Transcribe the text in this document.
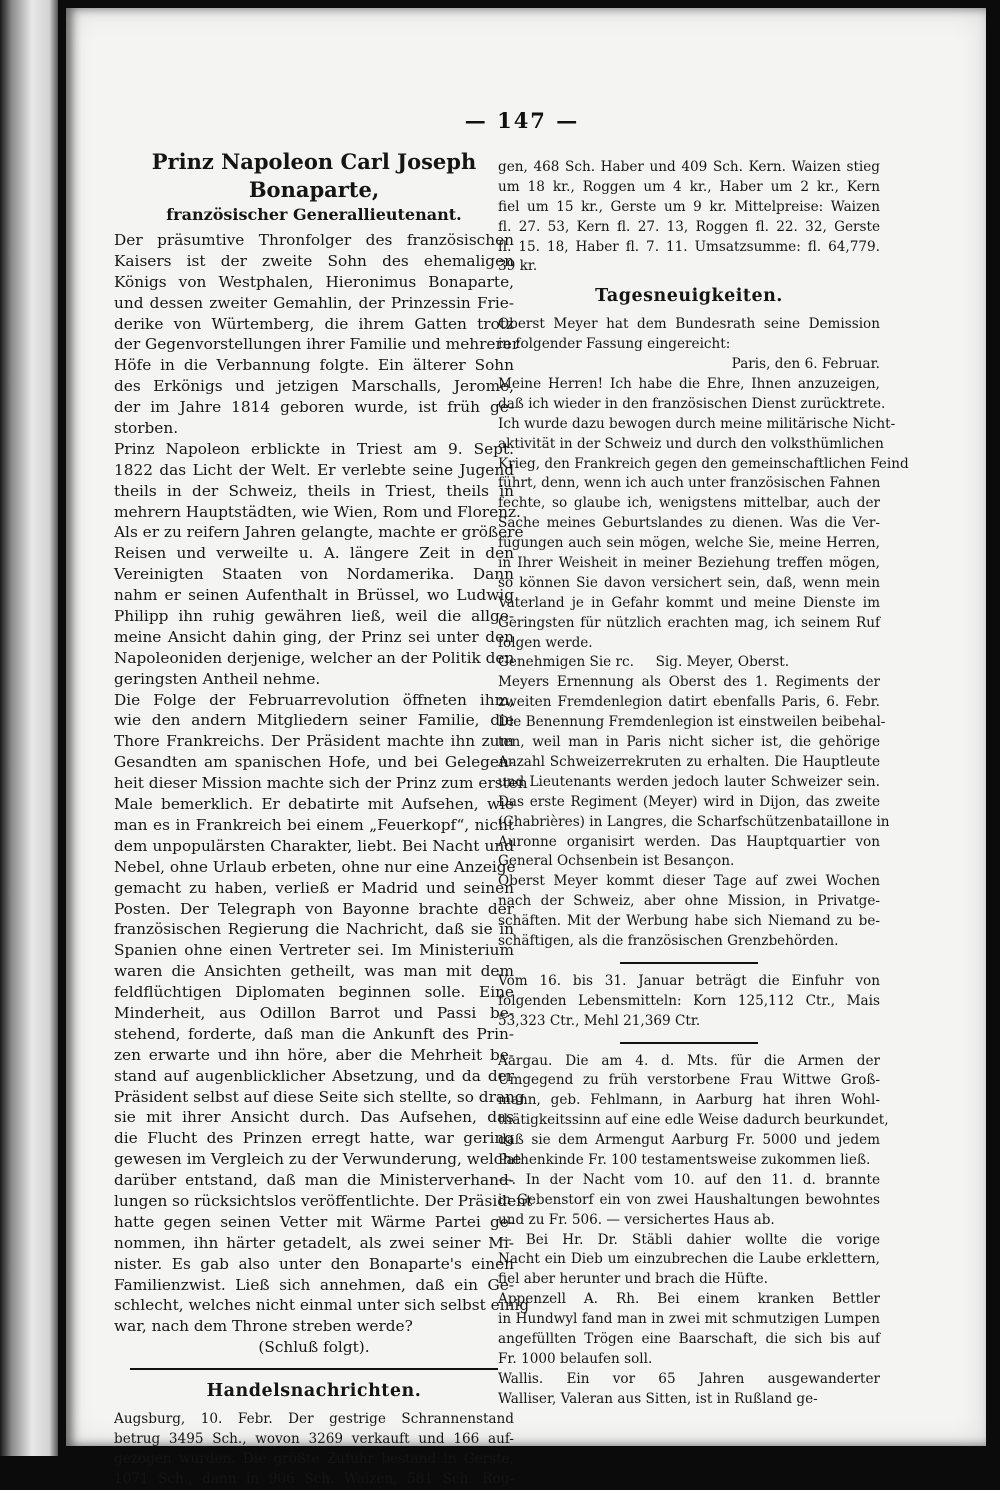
— 147 —
Prinz Napoleon Carl Joseph Bonaparte,
französischer Generallieutenant.
Der präsumtive Thronfolger des französischen
Kaisers ist der zweite Sohn des ehemaligen
Königs von Westphalen, Hieronimus Bonaparte,
und dessen zweiter Gemahlin, der Prinzessin Frie-
derike von Würtemberg, die ihrem Gatten trotz
der Gegenvorstellungen ihrer Familie und mehrerer
Höfe in die Verbannung folgte. Ein älterer Sohn
des Erkönigs und jetzigen Marschalls, Jerome,
der im Jahre 1814 geboren wurde, ist früh ge-
storben.
Prinz Napoleon erblickte in Triest am 9. Sept.
1822 das Licht der Welt. Er verlebte seine Jugend
theils in der Schweiz, theils in Triest, theils in
mehrern Hauptstädten, wie Wien, Rom und Florenz.
Als er zu reifern Jahren gelangte, machte er größere
Reisen und verweilte u. A. längere Zeit in den
Vereinigten Staaten von Nordamerika. Dann
nahm er seinen Aufenthalt in Brüssel, wo Ludwig
Philipp ihn ruhig gewähren ließ, weil die allge-
meine Ansicht dahin ging, der Prinz sei unter den
Napoleoniden derjenige, welcher an der Politik den
geringsten Antheil nehme.
Die Folge der Februarrevolution öffneten ihm,
wie den andern Mitgliedern seiner Familie, die
Thore Frankreichs. Der Präsident machte ihn zum
Gesandten am spanischen Hofe, und bei Gelegen-
heit dieser Mission machte sich der Prinz zum ersten
Male bemerklich. Er debatirte mit Aufsehen, wie
man es in Frankreich bei einem „Feuerkopf“, nicht
dem unpopulärsten Charakter, liebt. Bei Nacht und
Nebel, ohne Urlaub erbeten, ohne nur eine Anzeige
gemacht zu haben, verließ er Madrid und seinen
Posten. Der Telegraph von Bayonne brachte der
französischen Regierung die Nachricht, daß sie in
Spanien ohne einen Vertreter sei. Im Ministerium
waren die Ansichten getheilt, was man mit dem
feldflüchtigen Diplomaten beginnen solle. Eine
Minderheit, aus Odillon Barrot und Passi be-
stehend, forderte, daß man die Ankunft des Prin-
zen erwarte und ihn höre, aber die Mehrheit be-
stand auf augenblicklicher Absetzung, und da der
Präsident selbst auf diese Seite sich stellte, so drang
sie mit ihrer Ansicht durch. Das Aufsehen, das
die Flucht des Prinzen erregt hatte, war gering
gewesen im Vergleich zu der Verwunderung, welche
darüber entstand, daß man die Ministerverhand-
lungen so rücksichtslos veröffentlichte. Der Präsident
hatte gegen seinen Vetter mit Wärme Partei ge-
nommen, ihn härter getadelt, als zwei seiner Mi-
nister. Es gab also unter den Bonaparte's einen
Familienzwist. Ließ sich annehmen, daß ein Ge-
schlecht, welches nicht einmal unter sich selbst einig
war, nach dem Throne streben werde?
(Schluß folgt).
Handelsnachrichten.
Augsburg, 10. Febr. Der gestrige Schrannenstand
betrug 3495 Sch., wovon 3269 verkauft und 166 auf-
gezogen wurden. Die größte Zufuhr bestand in Gerste,
1071 Sch., dann in 906 Sch. Waizen, 581 Sch. Rog-
gen, 468 Sch. Haber und 409 Sch. Kern. Waizen stieg
um 18 kr., Roggen um 4 kr., Haber um 2 kr., Kern
fiel um 15 kr., Gerste um 9 kr. Mittelpreise: Waizen
fl. 27. 53, Kern fl. 27. 13, Roggen fl. 22. 32, Gerste
fl. 15. 18, Haber fl. 7. 11. Umsatzsumme: fl. 64,779.
39 kr.
Tagesneuigkeiten.
Oberst Meyer hat dem Bundesrath seine Demission
in folgender Fassung eingereicht:
Paris, den 6. Februar.
Meine Herren! Ich habe die Ehre, Ihnen anzuzeigen,
daß ich wieder in den französischen Dienst zurücktrete.
Ich wurde dazu bewogen durch meine militärische Nicht-
aktivität in der Schweiz und durch den volksthümlichen
Krieg, den Frankreich gegen den gemeinschaftlichen Feind
führt, denn, wenn ich auch unter französischen Fahnen
fechte, so glaube ich, wenigstens mittelbar, auch der
Sache meines Geburtslandes zu dienen. Was die Ver-
fügungen auch sein mögen, welche Sie, meine Herren,
in Ihrer Weisheit in meiner Beziehung treffen mögen,
so können Sie davon versichert sein, daß, wenn mein
Vaterland je in Gefahr kommt und meine Dienste im
Geringsten für nützlich erachten mag, ich seinem Ruf
folgen werde.
Genehmigen Sie rc.     Sig. Meyer, Oberst.
Meyers Ernennung als Oberst des 1. Regiments der
zweiten Fremdenlegion datirt ebenfalls Paris, 6. Febr.
Die Benennung Fremdenlegion ist einstweilen beibehal-
ten, weil man in Paris nicht sicher ist, die gehörige
Anzahl Schweizerrekruten zu erhalten. Die Hauptleute
und Lieutenants werden jedoch lauter Schweizer sein.
Das erste Regiment (Meyer) wird in Dijon, das zweite
(Chabrières) in Langres, die Scharfschützenbataillone in
Auronne organisirt werden. Das Hauptquartier von
General Ochsenbein ist Besançon.
Oberst Meyer kommt dieser Tage auf zwei Wochen
nach der Schweiz, aber ohne Mission, in Privatge-
schäften. Mit der Werbung habe sich Niemand zu be-
schäftigen, als die französischen Grenzbehörden.
Vom 16. bis 31. Januar beträgt die Einfuhr von
folgenden Lebensmitteln: Korn 125,112 Ctr., Mais
53,323 Ctr., Mehl 21,369 Ctr.
Aargau. Die am 4. d. Mts. für die Armen der
Umgegend zu früh verstorbene Frau Wittwe Groß-
mann, geb. Fehlmann, in Aarburg hat ihren Wohl-
thätigkeitssinn auf eine edle Weise dadurch beurkundet,
daß sie dem Armengut Aarburg Fr. 5000 und jedem
Pathenkinde Fr. 100 testamentsweise zukommen ließ.
—. In der Nacht vom 10. auf den 11. d. brannte
in Gebenstorf ein von zwei Haushaltungen bewohntes
und zu Fr. 506. — versichertes Haus ab.
— Bei Hr. Dr. Stäbli dahier wollte die vorige
Nacht ein Dieb um einzubrechen die Laube erklettern,
fiel aber herunter und brach die Hüfte.
Appenzell A. Rh. Bei einem kranken Bettler
in Hundwyl fand man in zwei mit schmutzigen Lumpen
angefüllten Trögen eine Baarschaft, die sich bis auf
Fr. 1000 belaufen soll.
Wallis. Ein vor 65 Jahren ausgewanderter
Walliser, Valeran aus Sitten, ist in Rußland ge-
